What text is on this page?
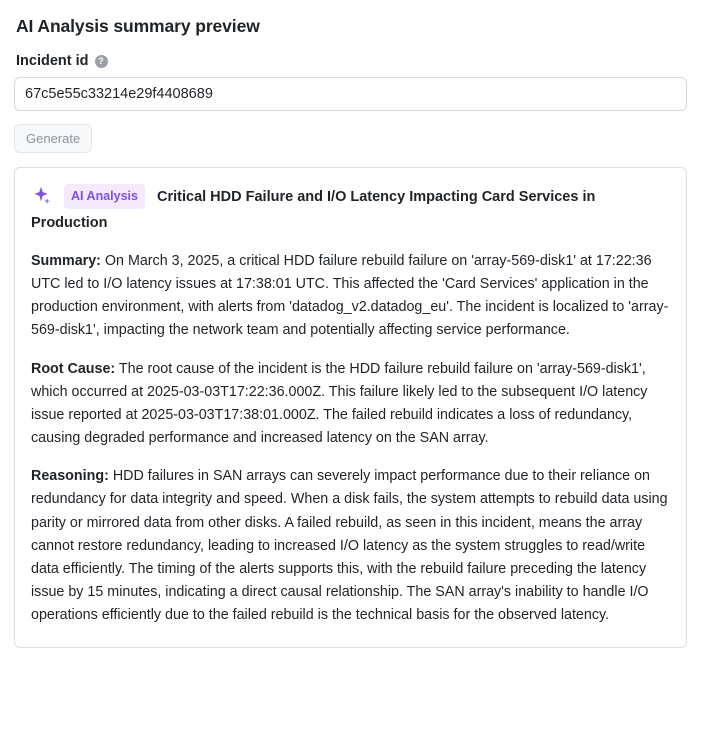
AI Analysis summary preview
Incident id	?
67c5e55c33214e29f4408689
Generate
AI Analysis Critical HDD Failure and I/O Latency Impacting Card Services in Production
Summary: On March 3, 2025, a critical HDD failure rebuild failure on 'array-569-disk1' at 17:22:36 UTC led to I/O latency issues at 17:38:01 UTC. This affected the 'Card Services' application in the production environment, with alerts from 'datadog_v2.datadog_eu'. The incident is localized to 'array-569-disk1', impacting the network team and potentially affecting service performance.
Root Cause: The root cause of the incident is the HDD failure rebuild failure on 'array-569-disk1', which occurred at 2025-03-03T17:22:36.000Z. This failure likely led to the subsequent I/O latency issue reported at 2025-03-03T17:38:01.000Z. The failed rebuild indicates a loss of redundancy, causing degraded performance and increased latency on the SAN array.
Reasoning: HDD failures in SAN arrays can severely impact performance due to their reliance on redundancy for data integrity and speed. When a disk fails, the system attempts to rebuild data using parity or mirrored data from other disks. A failed rebuild, as seen in this incident, means the array cannot restore redundancy, leading to increased I/O latency as the system struggles to read/write data efficiently. The timing of the alerts supports this, with the rebuild failure preceding the latency issue by 15 minutes, indicating a direct causal relationship. The SAN array's inability to handle I/O operations efficiently due to the failed rebuild is the technical basis for the observed latency.
